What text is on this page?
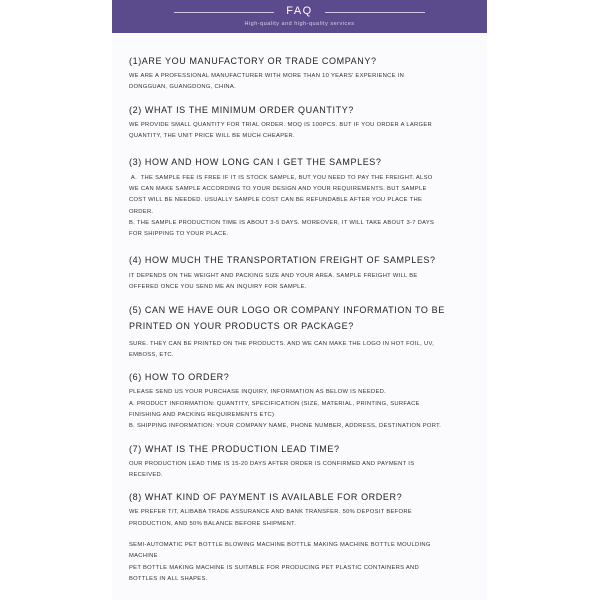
FAQ
High-quality and high-quality services

(1)ARE YOU MANUFACTORY OR TRADE COMPANY?

WE ARE A PROFESSIONAL MANUFACTURER WITH MORE THAN 10 YEARS' EXPERIENCE IN
DONGGUAN, GUANGDONG, CHINA.

(2) WHAT IS THE MINIMUM ORDER QUANTITY?

WE PROVIDE SMALL QUANTITY FOR TRIAL ORDER. MOQ IS 100PCS. BUT IF YOU ORDER A LARGER
QUANTITY, THE UNIT PRICE WILL BE MUCH CHEAPER.

(3) HOW AND HOW LONG CAN I GET THE SAMPLES?

A.  THE SAMPLE FEE IS FREE IF IT IS STOCK SAMPLE, BUT YOU NEED TO PAY THE FREIGHT. ALSO
WE CAN MAKE SAMPLE ACCORDING TO YOUR DESIGN AND YOUR REQUIREMENTS. BUT SAMPLE
COST WILL BE NEEDED. USUALLY SAMPLE COST CAN BE REFUNDABLE AFTER YOU PLACE THE
ORDER.
B. THE SAMPLE PRODUCTION TIME IS ABOUT 3-5 DAYS. MOREOVER, IT WILL TAKE ABOUT 3-7 DAYS
FOR SHIPPING TO YOUR PLACE.

(4) HOW MUCH THE TRANSPORTATION FREIGHT OF SAMPLES?

IT DEPENDS ON THE WEIGHT AND PACKING SIZE AND YOUR AREA. SAMPLE FREIGHT WILL BE
OFFERED ONCE YOU SEND ME AN INQUIRY FOR SAMPLE.

(5) CAN WE HAVE OUR LOGO OR COMPANY INFORMATION TO BE
PRINTED ON YOUR PRODUCTS OR PACKAGE?

SURE. THEY CAN BE PRINTED ON THE PRODUCTS. AND WE CAN MAKE THE LOGO IN HOT FOIL, UV,
EMBOSS, ETC.

(6) HOW TO ORDER?

PLEASE SEND US YOUR PURCHASE INQUIRY, INFORMATION AS BELOW IS NEEDED.
A. PRODUCT INFORMATION: QUANTITY, SPECIFICATION (SIZE, MATERIAL, PRINTING, SURFACE
FINISHING AND PACKING REQUIREMENTS ETC)
B. SHIPPING INFORMATION: YOUR COMPANY NAME, PHONE NUMBER, ADDRESS, DESTINATION PORT.

(7) WHAT IS THE PRODUCTION LEAD TIME?

OUR PRODUCTION LEAD TIME IS 15-20 DAYS AFTER ORDER IS CONFIRMED AND PAYMENT IS
RECEIVED.

(8) WHAT KIND OF PAYMENT IS AVAILABLE FOR ORDER?

WE PREFER T/T, ALIBABA TRADE ASSURANCE AND BANK TRANSFER. 50% DEPOSIT BEFORE
PRODUCTION, AND 50% BALANCE BEFORE SHIPMENT.

SEMI-AUTOMATIC PET BOTTLE BLOWING MACHINE BOTTLE MAKING MACHINE BOTTLE MOULDING
MACHINE
PET BOTTLE MAKING MACHINE IS SUITABLE FOR PRODUCING PET PLASTIC CONTAINERS AND
BOTTLES IN ALL SHAPES.
